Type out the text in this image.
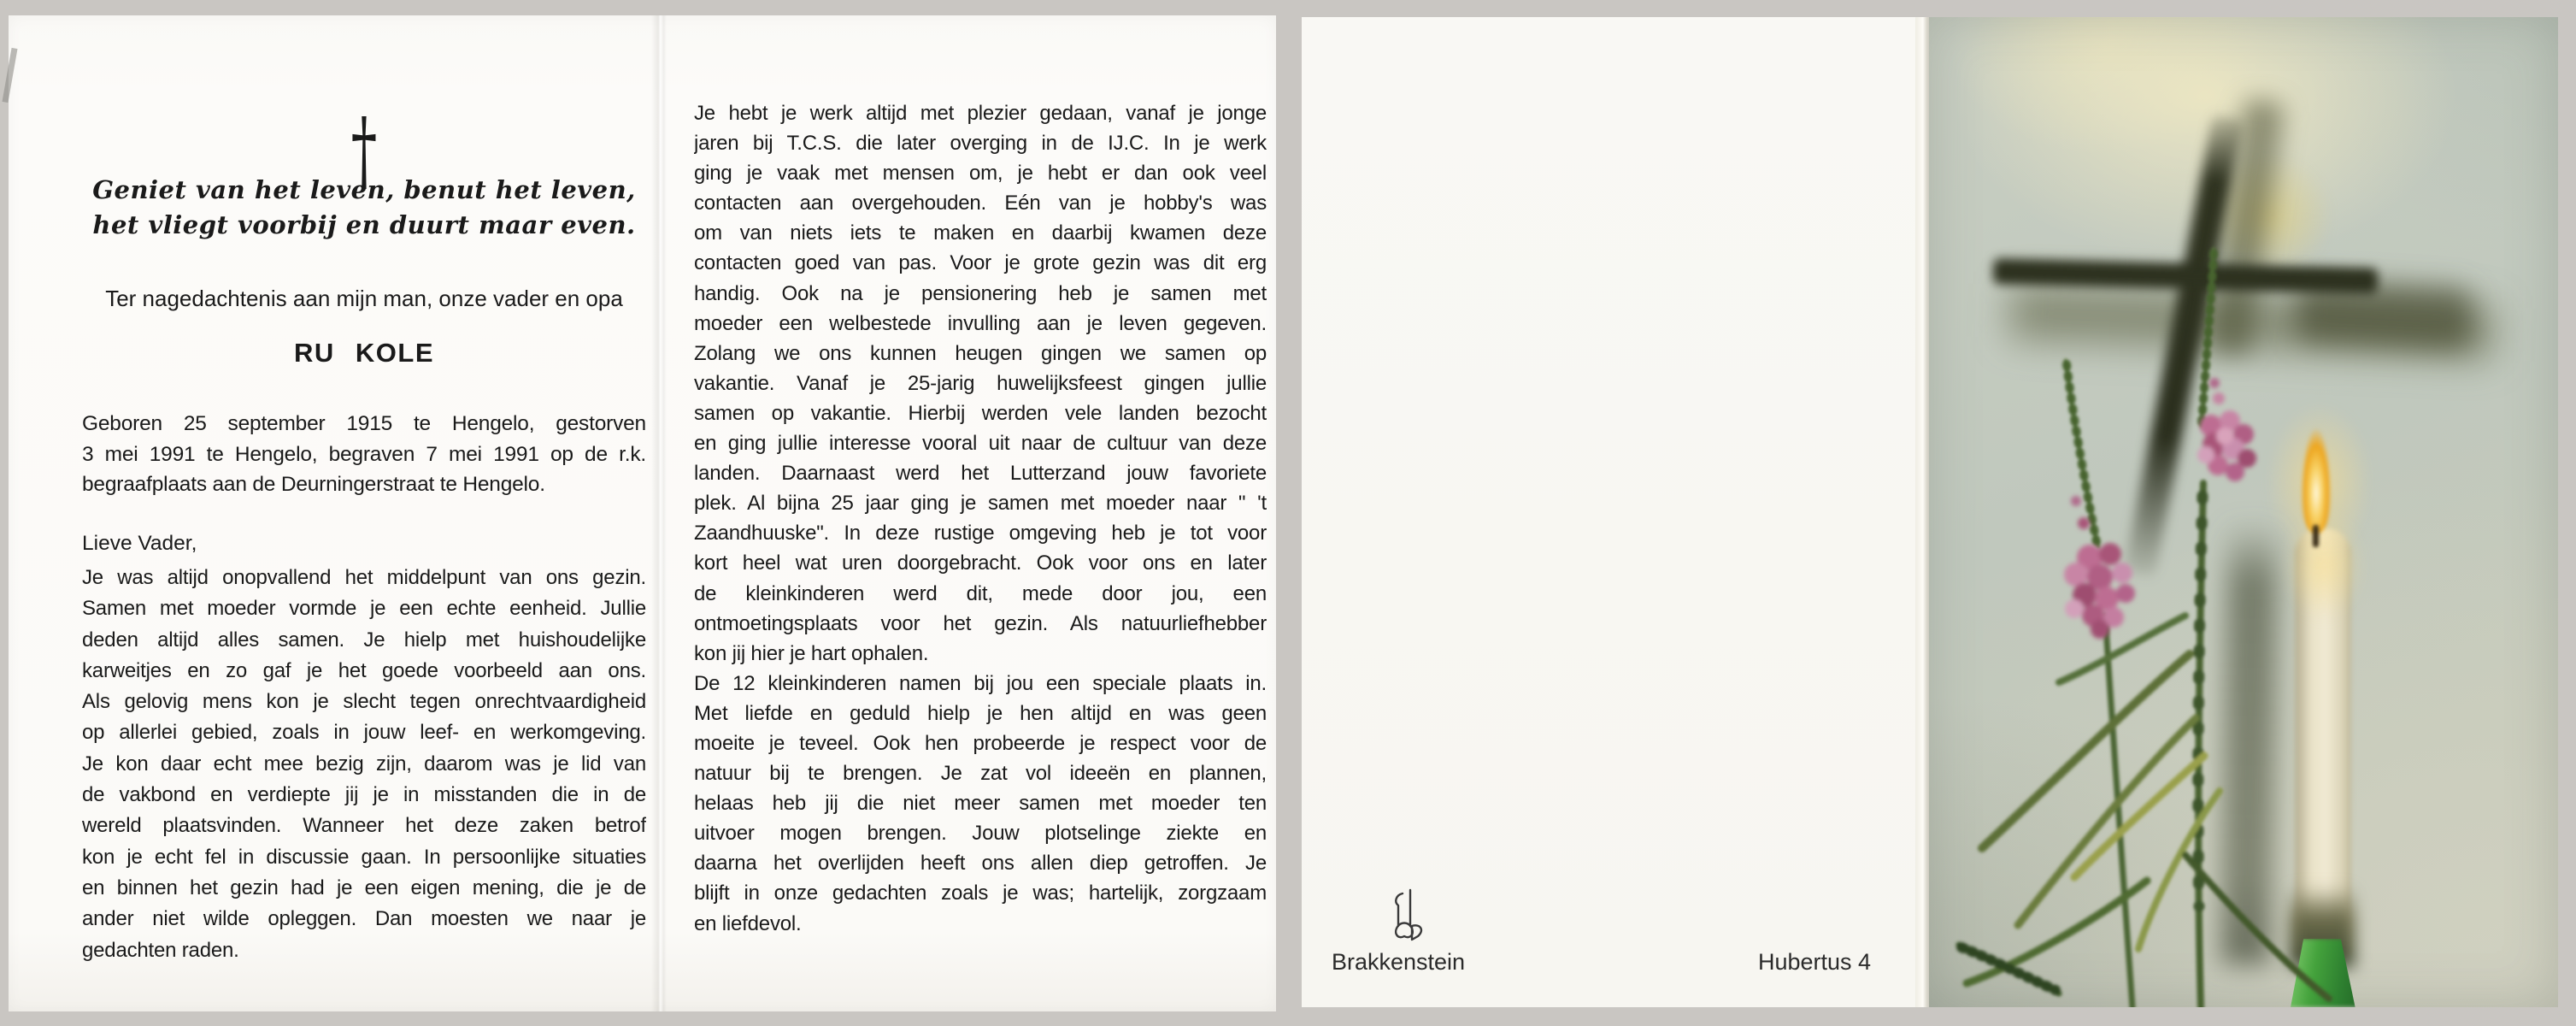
†
Geniet van het leven, benut het leven,
het vliegt voorbij en duurt maar even.
Ter nagedachtenis aan mijn man, onze vader en opa
RU KOLE
Geboren 25 september 1915 te Hengelo, gestorven
3 mei 1991 te Hengelo, begraven 7 mei 1991 op de r.k.
begraafplaats aan de Deurningerstraat te Hengelo.
Lieve Vader,
Je was altijd onopvallend het middelpunt van ons gezin.
Samen met moeder vormde je een echte eenheid. Jullie
deden altijd alles samen. Je hielp met huishoudelijke
karweitjes en zo gaf je het goede voorbeeld aan ons.
Als gelovig mens kon je slecht tegen onrechtvaardigheid
op allerlei gebied, zoals in jouw leef- en werkomgeving.
Je kon daar echt mee bezig zijn, daarom was je lid van
de vakbond en verdiepte jij je in misstanden die in de
wereld plaatsvinden. Wanneer het deze zaken betrof
kon je echt fel in discussie gaan. In persoonlijke situaties
en binnen het gezin had je een eigen mening, die je de
ander niet wilde opleggen. Dan moesten we naar je
gedachten raden.
Je hebt je werk altijd met plezier gedaan, vanaf je jonge
jaren bij T.C.S. die later overging in de IJ.C. In je werk
ging je vaak met mensen om, je hebt er dan ook veel
contacten aan overgehouden. Eén van je hobby's was
om van niets iets te maken en daarbij kwamen deze
contacten goed van pas. Voor je grote gezin was dit erg
handig. Ook na je pensionering heb je samen met
moeder een welbestede invulling aan je leven gegeven.
Zolang we ons kunnen heugen gingen we samen op
vakantie. Vanaf je 25-jarig huwelijksfeest gingen jullie
samen op vakantie. Hierbij werden vele landen bezocht
en ging jullie interesse vooral uit naar de cultuur van deze
landen. Daarnaast werd het Lutterzand jouw favoriete
plek. Al bijna 25 jaar ging je samen met moeder naar " 't
Zaandhuuske". In deze rustige omgeving heb je tot voor
kort heel wat uren doorgebracht. Ook voor ons en later
de kleinkinderen werd dit, mede door jou, een
ontmoetingsplaats voor het gezin. Als natuurliefhebber
kon jij hier je hart ophalen.
De 12 kleinkinderen namen bij jou een speciale plaats in.
Met liefde en geduld hielp je hen altijd en was geen
moeite je teveel. Ook hen probeerde je respect voor de
natuur bij te brengen. Je zat vol ideeën en plannen,
helaas heb jij die niet meer samen met moeder ten
uitvoer mogen brengen. Jouw plotselinge ziekte en
daarna het overlijden heeft ons allen diep getroffen. Je
blijft in onze gedachten zoals je was; hartelijk, zorgzaam
en liefdevol.
Brakkenstein	Hubertus 4
